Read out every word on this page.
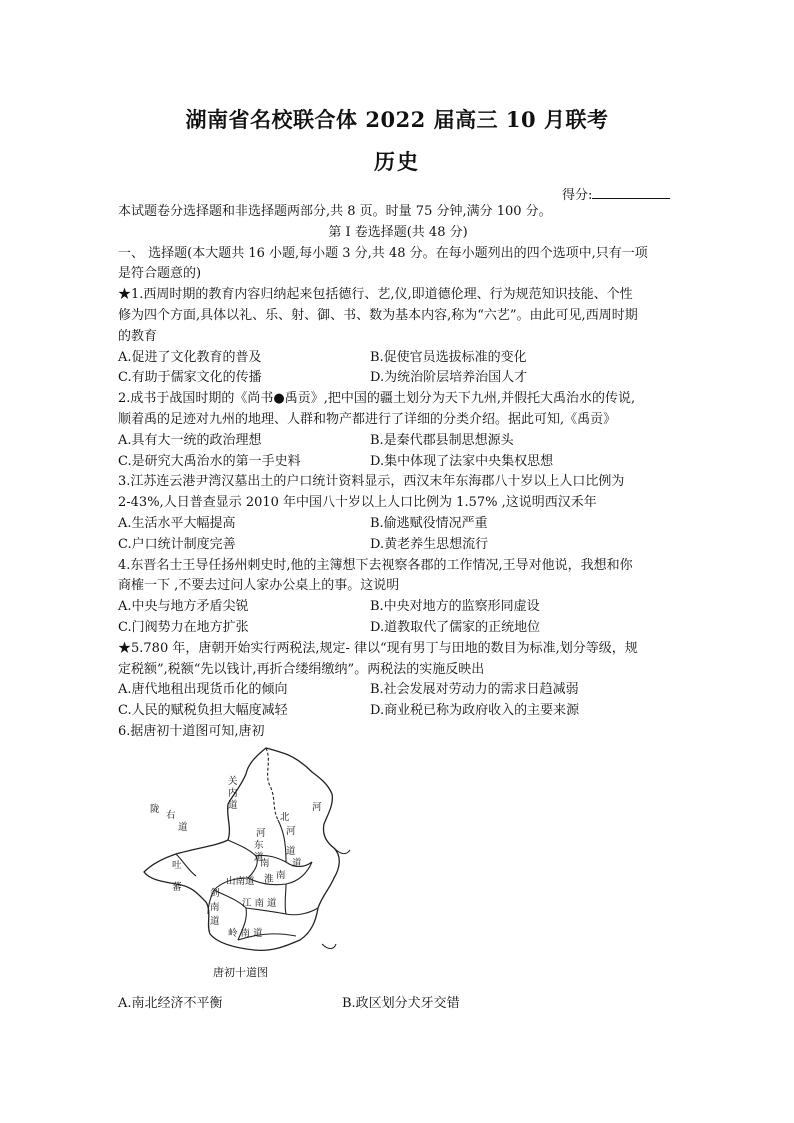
湖南省名校联合体 2022 届高三 10 月联考
历史
得分:
本试题卷分选择题和非选择题两部分,共 8 页。时量 75 分钟,满分 100 分。
第 I 卷选择题(共 48 分)
一、 选择题(本大题共 16 小题,每小题 3 分,共 48 分。在每小题列出的四个选项中,只有一项
是符合题意的)
★1.西周时期的教育内容归纳起来包括德行、艺,仪,即道德伦理、行为规范知识技能、个性
修为四个方面,具体以礼、乐、射、御、书、数为基本内容,称为“六艺”。由此可见,西周时期
的教育
A.促进了文化教育的普及	B.促使官员选拔标准的变化
C.有助于儒家文化的传播	D.为统治阶层培养治国人才
2.成书于战国时期的《尚书●禹贡》,把中国的疆土划分为天下九州,并假托大禹治水的传说,
顺着禹的足迹对九州的地理、人群和物产都进行了详细的分类介绍。据此可知,《禹贡》
A.具有大一统的政治理想	B.是秦代郡县制思想源头
C.是研究大禹治水的第一手史料	D.集中体现了法家中央集权思想
3.江苏连云港尹湾汉墓出土的户口统计资料显示，西汉末年东海郡八十岁以上人口比例为
2-43%,人日普查显示 2010 年中国八十岁以上人口比例为 1.57% ,这说明西汉禾年
A.生活水平大幅提高	B.偷逃赋役情况严重
C.户口统计制度完善	D.黄老养生思想流行
4.东晋名士王导任扬州刺史时,他的主簿想下去视察各郡的工作情况,王导对他说，我想和你
商榷一下 ,不要去过问人家办公桌上的事。这说明
A.中央与地方矛盾尖锐	B.中央对地方的监察形同虚设
C.门阀势力在地方扩张	D.道教取代了儒家的正统地位
★5.780 年，唐朝开始实行两税法,规定- 律以“现有男丁与田地的数目为标准,划分等级，规
定税额”,税额“先以钱计,再折合缕绢缴纳”。两税法的实施反映出
A.唐代地租出现货币化的倾向	B.社会发展对劳动力的需求日趋减弱
C.人民的赋税负担大幅度减轻	D.商业税已称为政府收入的主要来源
6.据唐初十道图可知,唐初
关
内
道
陇
右
道
吐
蕃
河
北
道
河
东
道
河
南 道
山南道 淮 南
剑
南
道
江 南 道
岭 南 道
唐初十道图
A.南北经济不平衡	B.政区划分犬牙交错
